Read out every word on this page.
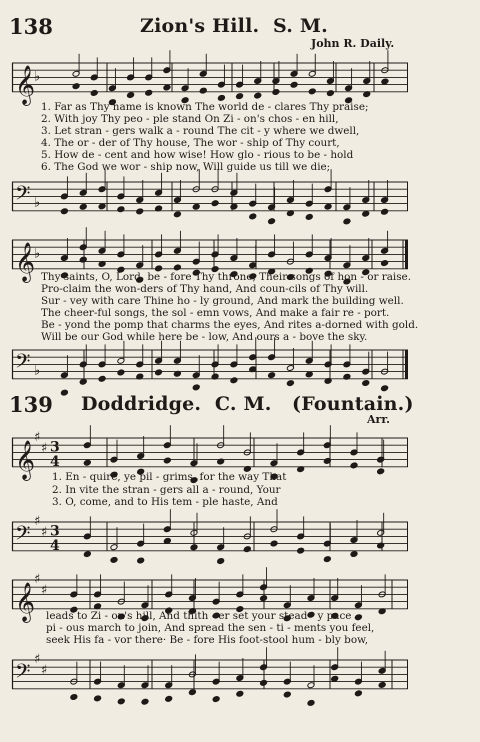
138	Zion's Hill. S. M.
John R. Daily.
𝄞
♭
1. Far as Thy name is known The world de - clares Thy praise;
2. With joy Thy peo - ple stand On Zi - on's chos - en hill,
3. Let stran - gers walk a - round The cit - y where we dwell,
4. The or - der of Thy house, The wor - ship of Thy court,
5. How de - cent and how wise! How glo - rious to be - hold
6. The God we wor - ship now, Will guide us till we die;
𝄢 ♭
𝄞
♭
Thy saints, O, Lord, be - fore Thy throne, Their songs of hon - or raise.
Pro-claim the won-ders of Thy hand, And coun-cils of Thy will.
Sur - vey with care Thine ho - ly ground, And mark the building well.
The cheer-ful songs, the sol - emn vows, And make a fair re - port.
Be - yond the pomp that charms the eyes, And rites a-dorned with gold.
Will be our God while here be - low, And ours a - bove the sky.
𝄢 ♭
139 Doddridge. C. M. (Fountain.)
Arr.
𝄞
♯
♯ 3
4
1. En - quire, ye pil - grims, for the way That
2. In vite the stran - gers all a - round, Your
3. O, come, and to His tem - ple haste, And
𝄢
♯
♯ 3
4
𝄞
♯
♯
leads to Zi - on's hill, And thith - er set your stead - y pace
pi - ous march to join, And spread the sen - ti - ments you feel,
seek His fa - vor there· Be - fore His foot-stool hum - bly bow,
𝄢
♯
♯
